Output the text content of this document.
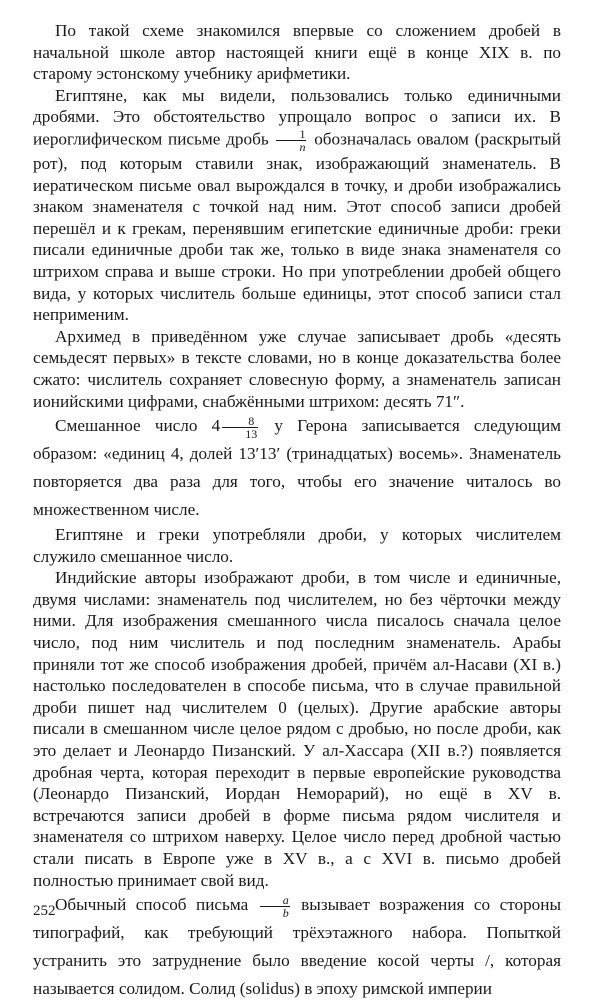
По такой схеме знакомился впервые со сложением дробей в начальной школе автор настоящей книги ещё в конце XIX в. по старому эстонскому учебнику арифметики.

Египтяне, как мы видели, пользовались только единичными дробями. Это обстоятельство упрощало вопрос о записи их. В иероглифическом письме дробь $\frac{1}{n}$ обозначалась овалом (раскрытый рот), под которым ставили знак, изображающий знаменатель. В иератическом письме овал вырождался в точку, и дроби изображались знаком знаменателя с точкой над ним. Этот способ записи дробей перешёл и к грекам, перенявшим египетские единичные дроби: греки писали единичные дроби так же, только в виде знака знаменателя со штрихом справа и выше строки. Но при употреблении дробей общего вида, у которых числитель больше единицы, этот способ записи стал неприменим.

Архимед в приведённом уже случае записывает дробь «десять семьдесят первых» в тексте словами, но в конце доказательства более сжато: числитель сохраняет словесную форму, а знаменатель записан ионийскими цифрами, снабжёнными штрихом: десять 71″.

Смешанное число $4 \frac{8}{13}$ у Герона записывается следующим образом: «единиц 4, долей 13′13′ (тринадцатых) восемь». Знаменатель повторяется два раза для того, чтобы его значение читалось во множественном числе.

Египтяне и греки употребляли дроби, у которых числителем служило смешанное число.

Индийские авторы изображают дроби, в том числе и единичные, двумя числами: знаменатель под числителем, но без чёрточки между ними. Для изображения смешанного числа писалось сначала целое число, под ним числитель и под последним знаменатель. Арабы приняли тот же способ изображения дробей, причём ал-Насави (XI в.) настолько последователен в способе письма, что в случае правильной дроби пишет над числителем 0 (целых). Другие арабские авторы писали в смешанном числе целое рядом с дробью, но после дроби, как это делает и Леонардо Пизанский. У ал-Хассара (XII в.?) появляется дробная черта, которая переходит в первые европейские руководства (Леонардо Пизанский, Иордан Неморарий), но ещё в XV в. встречаются записи дробей в форме письма рядом числителя и знаменателя со штрихом наверху. Целое число перед дробной частью стали писать в Европе уже в XV в., а с XVI в. письмо дробей полностью принимает свой вид.

Обычный способ письма $\frac{a}{b}$ вызывает возражения со стороны типографий, как требующий трёхэтажного набора. Попыткой устранить это затруднение было введение косой черты /, которая называется солидом. Солид (solidus) в эпоху римской империи

252
